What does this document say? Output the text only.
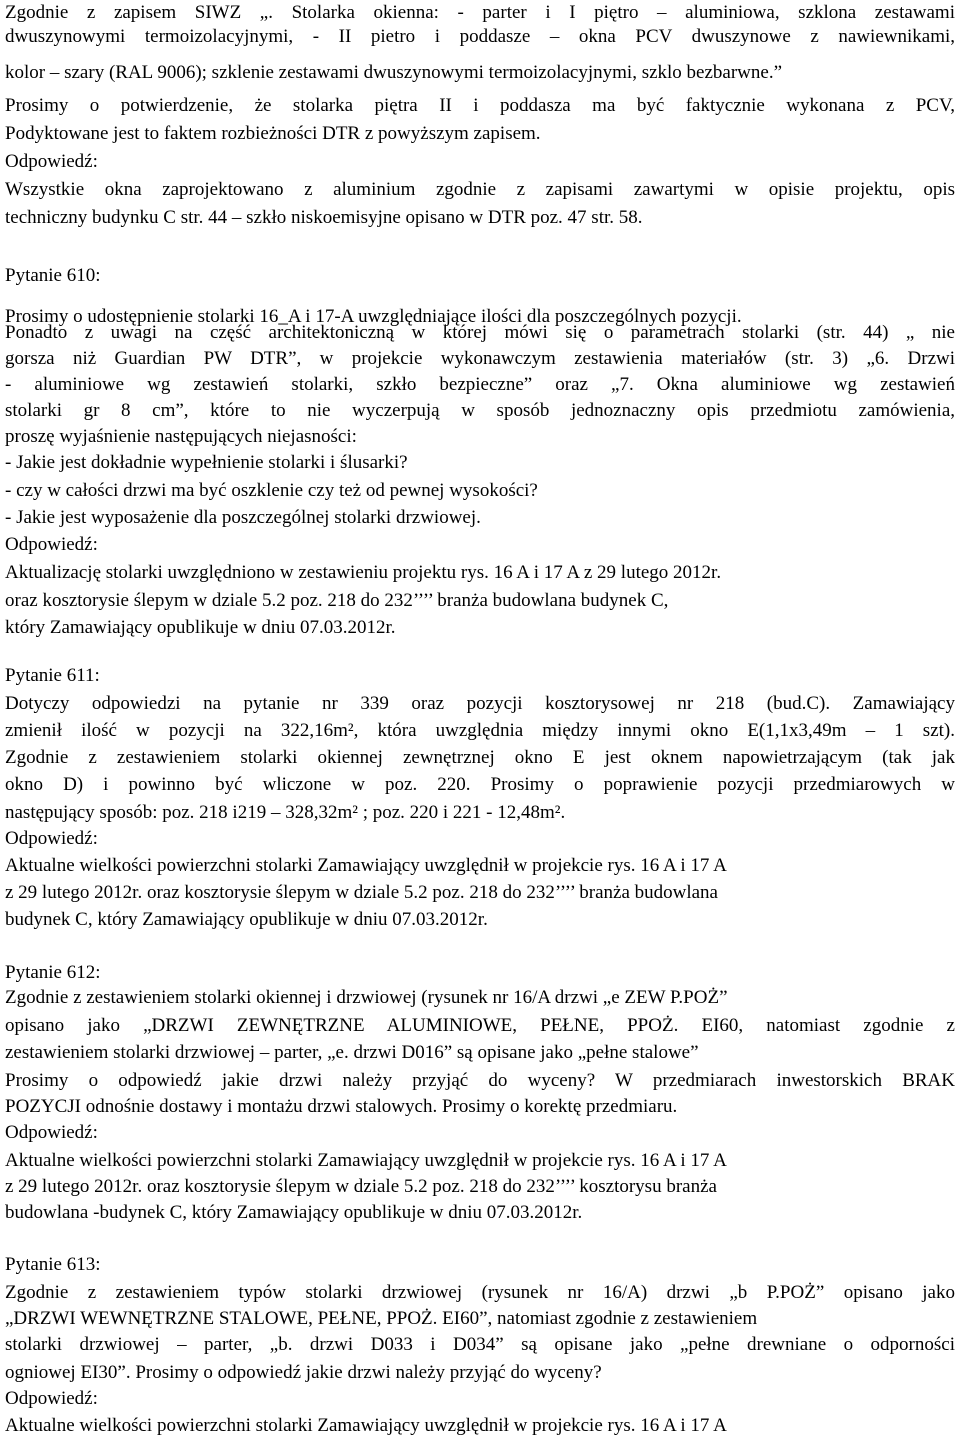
Zgodnie z zapisem SIWZ „. Stolarka okienna: - parter i I piętro – aluminiowa, szklona zestawami
dwuszynowymi termoizolacyjnymi, - II pietro i poddasze – okna PCV dwuszynowe z nawiewnikami,
kolor – szary (RAL 9006); szklenie zestawami dwuszynowymi termoizolacyjnymi, szklo bezbarwne.”
Prosimy o potwierdzenie, że stolarka piętra II i poddasza ma być faktycznie wykonana z PCV,
Podyktowane jest to faktem rozbieżności DTR z powyższym zapisem.
Odpowiedź:
Wszystkie okna zaprojektowano z aluminium zgodnie z zapisami zawartymi w opisie projektu, opis
techniczny budynku C str. 44 – szkło niskoemisyjne opisano w DTR poz. 47 str. 58.
Pytanie 610:
Prosimy o udostępnienie stolarki 16_A i 17-A uwzględniające ilości dla poszczególnych pozycji.
Ponadto z uwagi na część architektoniczną w której mówi się o parametrach stolarki (str. 44) „ nie
gorsza niż Guardian PW DTR”, w projekcie wykonawczym zestawienia materiałów (str. 3) „6. Drzwi
- aluminiowe wg zestawień stolarki, szkło bezpieczne” oraz „7. Okna aluminiowe wg zestawień
stolarki gr 8 cm”, które to nie wyczerpują w sposób jednoznaczny opis przedmiotu zamówienia,
proszę wyjaśnienie następujących niejasności:
- Jakie jest dokładnie wypełnienie stolarki i ślusarki?
- czy w całości drzwi ma być oszklenie czy też od pewnej wysokości?
- Jakie jest wyposażenie dla poszczególnej stolarki drzwiowej.
Odpowiedź:
Aktualizację stolarki uwzględniono w zestawieniu projektu rys. 16 A i 17 A z 29 lutego 2012r.
oraz kosztorysie ślepym w dziale 5.2 poz. 218 do 232’’’’ branża budowlana budynek C,
który Zamawiający opublikuje w dniu 07.03.2012r.
Pytanie 611:
Dotyczy odpowiedzi na pytanie nr 339 oraz pozycji kosztorysowej nr 218 (bud.C). Zamawiający
zmienił ilość w pozycji na 322,16m², która uwzględnia między innymi okno E(1,1x3,49m – 1 szt).
Zgodnie z zestawieniem stolarki okiennej zewnętrznej okno E jest oknem napowietrzającym (tak jak
okno D) i powinno być wliczone w poz. 220. Prosimy o poprawienie pozycji przedmiarowych w
następujący sposób: poz. 218 i219 – 328,32m² ; poz. 220 i 221 - 12,48m².
Odpowiedź:
Aktualne wielkości powierzchni stolarki Zamawiający uwzględnił w projekcie rys. 16 A i 17 A
z 29 lutego 2012r. oraz kosztorysie ślepym w dziale 5.2 poz. 218 do 232’’’’ branża budowlana
budynek C, który Zamawiający opublikuje w dniu 07.03.2012r.
Pytanie 612:
Zgodnie z zestawieniem stolarki okiennej i drzwiowej (rysunek nr 16/A drzwi „e ZEW P.POŻ”
opisano jako „DRZWI ZEWNĘTRZNE ALUMINIOWE, PEŁNE, PPOŻ. EI60, natomiast zgodnie z
zestawieniem stolarki drzwiowej – parter, „e. drzwi D016” są opisane jako „pełne stalowe”
Prosimy o odpowiedź jakie drzwi należy przyjąć do wyceny? W przedmiarach inwestorskich BRAK
POZYCJI odnośnie dostawy i montażu drzwi stalowych. Prosimy o korektę przedmiaru.
Odpowiedź:
Aktualne wielkości powierzchni stolarki Zamawiający uwzględnił w projekcie rys. 16 A i 17 A
z 29 lutego 2012r. oraz kosztorysie ślepym w dziale 5.2 poz. 218 do 232’’’’ kosztorysu branża
budowlana -budynek C, który Zamawiający opublikuje w dniu 07.03.2012r.
Pytanie 613:
Zgodnie z zestawieniem typów stolarki drzwiowej (rysunek nr 16/A) drzwi „b P.POŻ” opisano jako
„DRZWI WEWNĘTRZNE STALOWE, PEŁNE, PPOŻ. EI60”, natomiast zgodnie z zestawieniem
stolarki drzwiowej – parter, „b. drzwi D033 i D034” są opisane jako „pełne drewniane o odporności
ogniowej EI30”. Prosimy o odpowiedź jakie drzwi należy przyjąć do wyceny?
Odpowiedź:
Aktualne wielkości powierzchni stolarki Zamawiający uwzględnił w projekcie rys. 16 A i 17 A
